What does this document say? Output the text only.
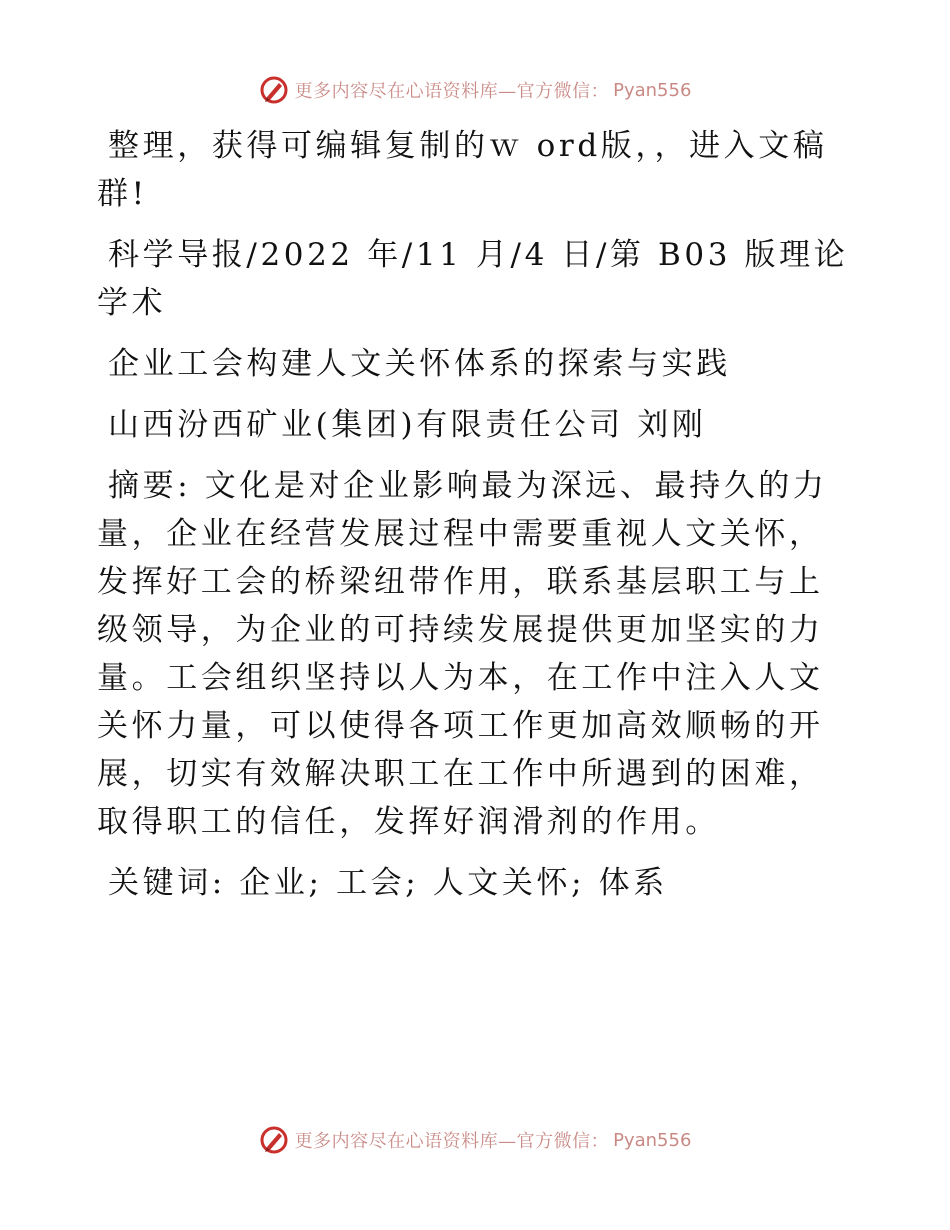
更多内容尽在心语资料库—官方微信： Pyan556

整理，获得可编辑复制的ｗ ord版，，进入文稿群!

科学导报/2022 年/11 月/4 日/第 B03 版理论学术

企业工会构建人文关怀体系的探索与实践

山西汾西矿业(集团)有限责任公司 刘刚

摘要: 文化是对企业影响最为深远、最持久的力量，企业在经营发展过程中需要重视人文关怀，发挥好工会的桥梁纽带作用，联系基层职工与上级领导，为企业的可持续发展提供更加坚实的力量。工会组织坚持以人为本，在工作中注入人文关怀力量，可以使得各项工作更加高效顺畅的开展，切实有效解决职工在工作中所遇到的困难，取得职工的信任，发挥好润滑剂的作用。

关键词: 企业; 工会; 人文关怀; 体系

更多内容尽在心语资料库—官方微信： Pyan556
